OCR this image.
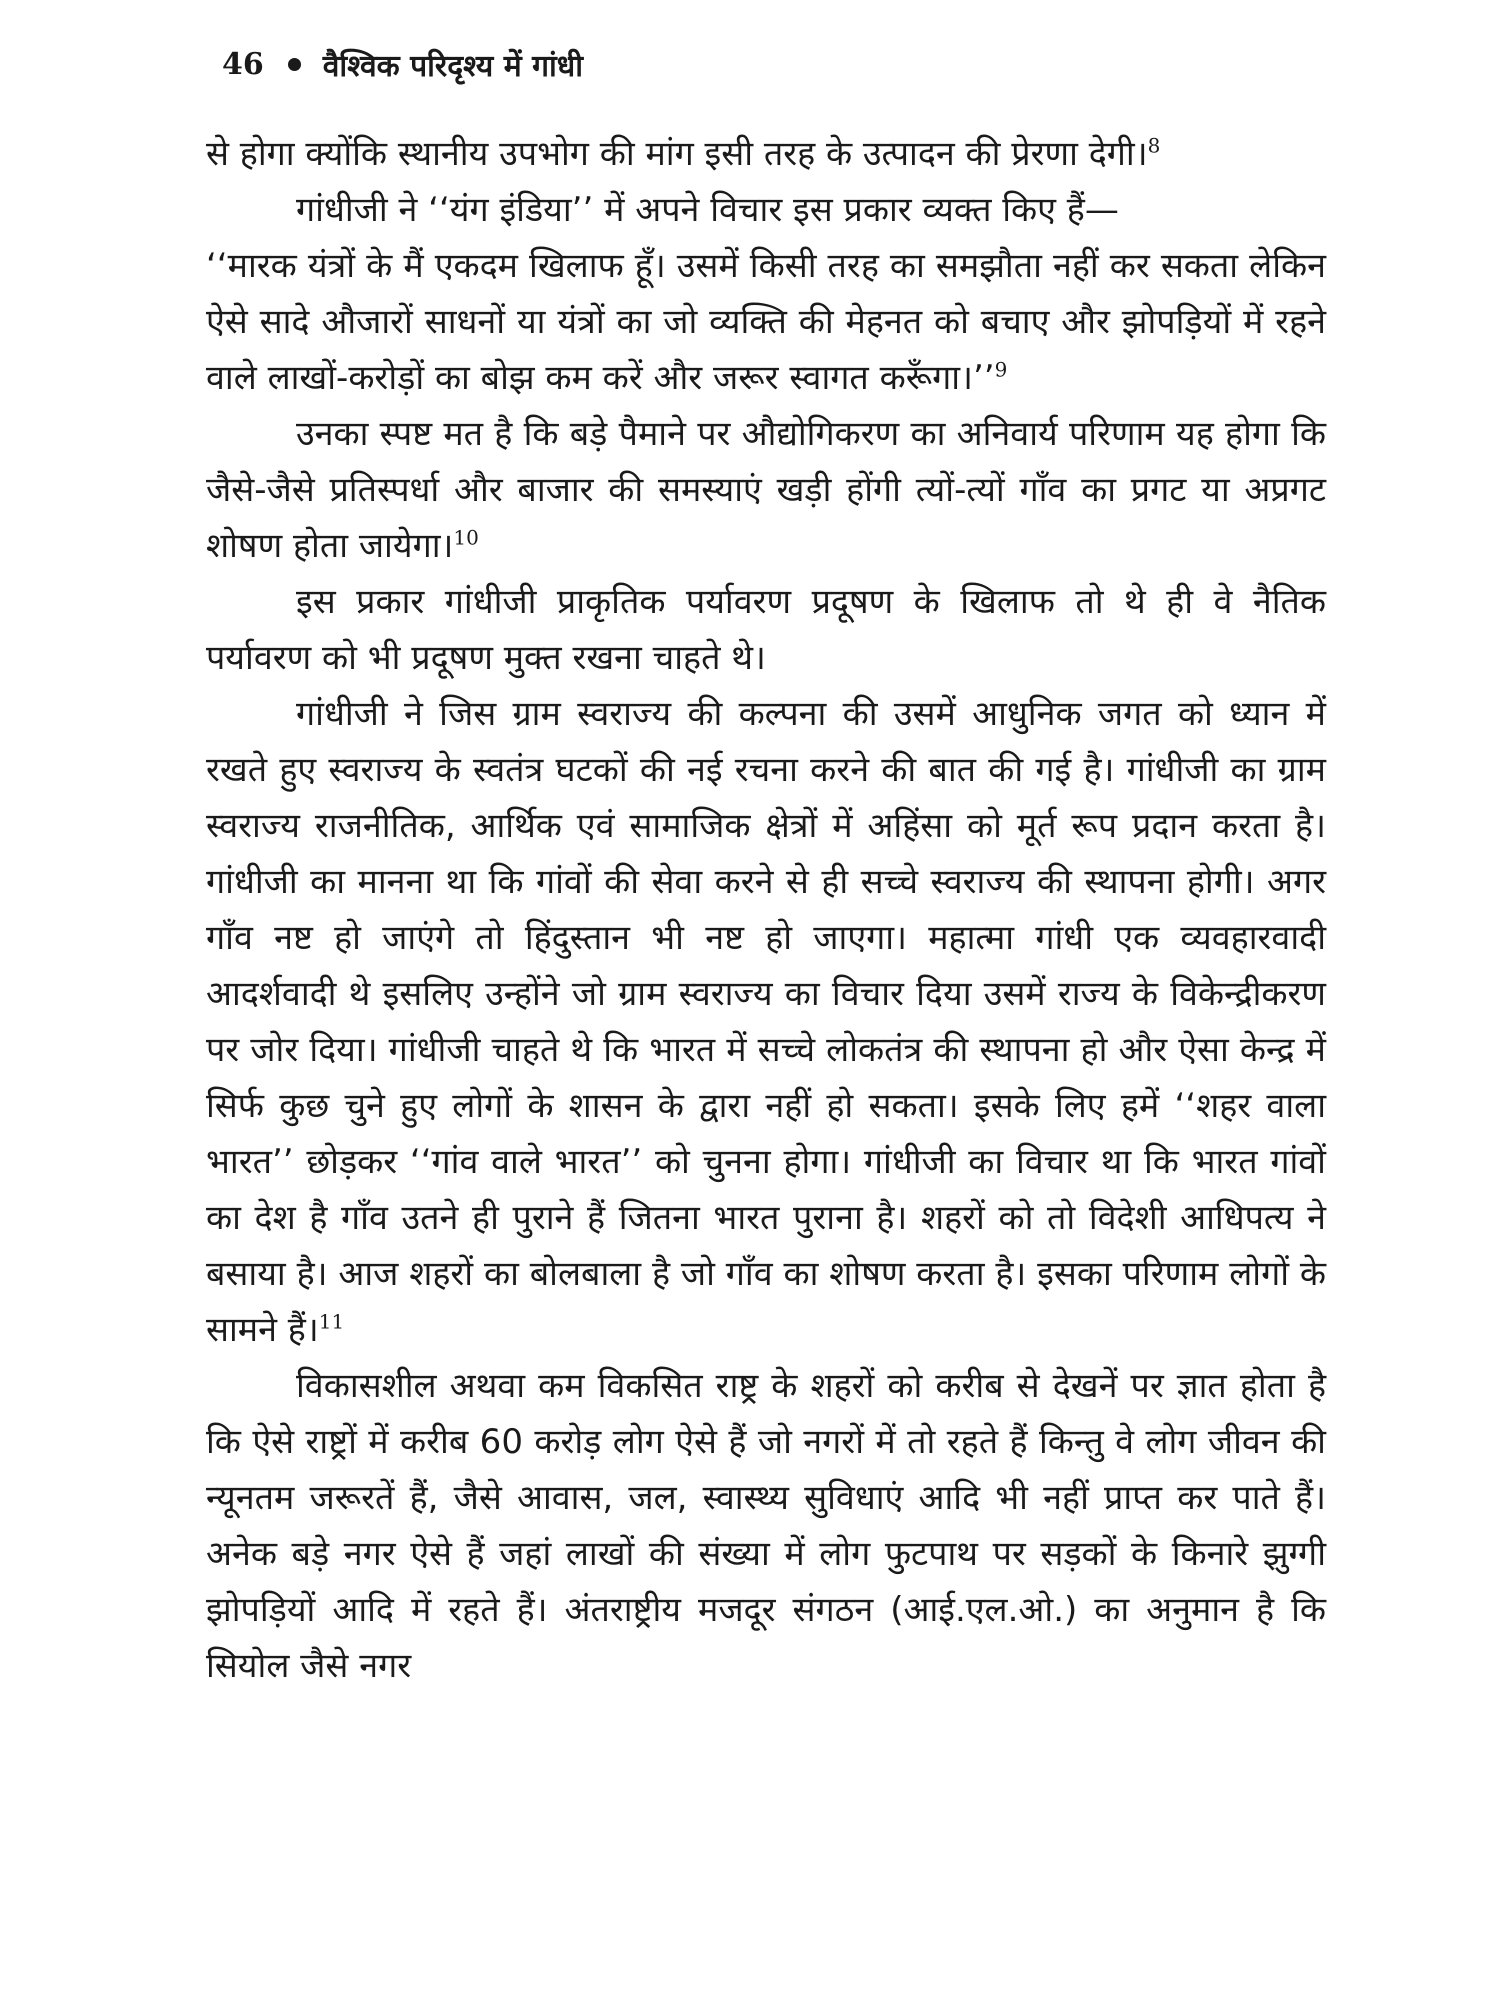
46 वैश्विक परिदृश्य में गांधी

से होगा क्योंकि स्थानीय उपभोग की मांग इसी तरह के उत्पादन की प्रेरणा देगी।$^8$

गांधीजी ने ‘‘यंग इंडिया’’ में अपने विचार इस प्रकार व्यक्त किए हैं—

‘‘मारक यंत्रों के मैं एकदम खिलाफ हूँ। उसमें किसी तरह का समझौता नहीं कर सकता लेकिन ऐसे सादे औजारों साधनों या यंत्रों का जो व्यक्ति की मेहनत को बचाए और झोपड़ियों में रहने वाले लाखों-करोड़ों का बोझ कम करें और जरूर स्वागत करूँगा।’’$^9$

उनका स्पष्ट मत है कि बड़े पैमाने पर औद्योगिकरण का अनिवार्य परिणाम यह होगा कि जैसे-जैसे प्रतिस्पर्धा और बाजार की समस्याएं खड़ी होंगी त्यों-त्यों गाँव का प्रगट या अप्रगट शोषण होता जायेगा।$^{10}$

इस प्रकार गांधीजी प्राकृतिक पर्यावरण प्रदूषण के खिलाफ तो थे ही वे नैतिक पर्यावरण को भी प्रदूषण मुक्त रखना चाहते थे।

गांधीजी ने जिस ग्राम स्वराज्य की कल्पना की उसमें आधुनिक जगत को ध्यान में रखते हुए स्वराज्य के स्वतंत्र घटकों की नई रचना करने की बात की गई है। गांधीजी का ग्राम स्वराज्य राजनीतिक, आर्थिक एवं सामाजिक क्षेत्रों में अहिंसा को मूर्त रूप प्रदान करता है। गांधीजी का मानना था कि गांवों की सेवा करने से ही सच्चे स्वराज्य की स्थापना होगी। अगर गाँव नष्ट हो जाएंगे तो हिंदुस्तान भी नष्ट हो जाएगा। महात्मा गांधी एक व्यवहारवादी आदर्शवादी थे इसलिए उन्होंने जो ग्राम स्वराज्य का विचार दिया उसमें राज्य के विकेन्द्रीकरण पर जोर दिया। गांधीजी चाहते थे कि भारत में सच्चे लोकतंत्र की स्थापना हो और ऐसा केन्द्र में सिर्फ कुछ चुने हुए लोगों के शासन के द्वारा नहीं हो सकता। इसके लिए हमें ‘‘शहर वाला भारत’’ छोड़कर ‘‘गांव वाले भारत’’ को चुनना होगा। गांधीजी का विचार था कि भारत गांवों का देश है गाँव उतने ही पुराने हैं जितना भारत पुराना है। शहरों को तो विदेशी आधिपत्य ने बसाया है। आज शहरों का बोलबाला है जो गाँव का शोषण करता है। इसका परिणाम लोगों के सामने हैं।$^{11}$

विकासशील अथवा कम विकसित राष्ट्र के शहरों को करीब से देखनें पर ज्ञात होता है कि ऐसे राष्ट्रों में करीब 60 करोड़ लोग ऐसे हैं जो नगरों में तो रहते हैं किन्तु वे लोग जीवन की न्यूनतम जरूरतें हैं, जैसे आवास, जल, स्वास्थ्य सुविधाएं आदि भी नहीं प्राप्त कर पाते हैं। अनेक बड़े नगर ऐसे हैं जहां लाखों की संख्या में लोग फुटपाथ पर सड़कों के किनारे झुग्गी झोपड़ियों आदि में रहते हैं। अंतराष्ट्रीय मजदूर संगठन (आई.एल.ओ.) का अनुमान है कि सियोल जैसे नगर
